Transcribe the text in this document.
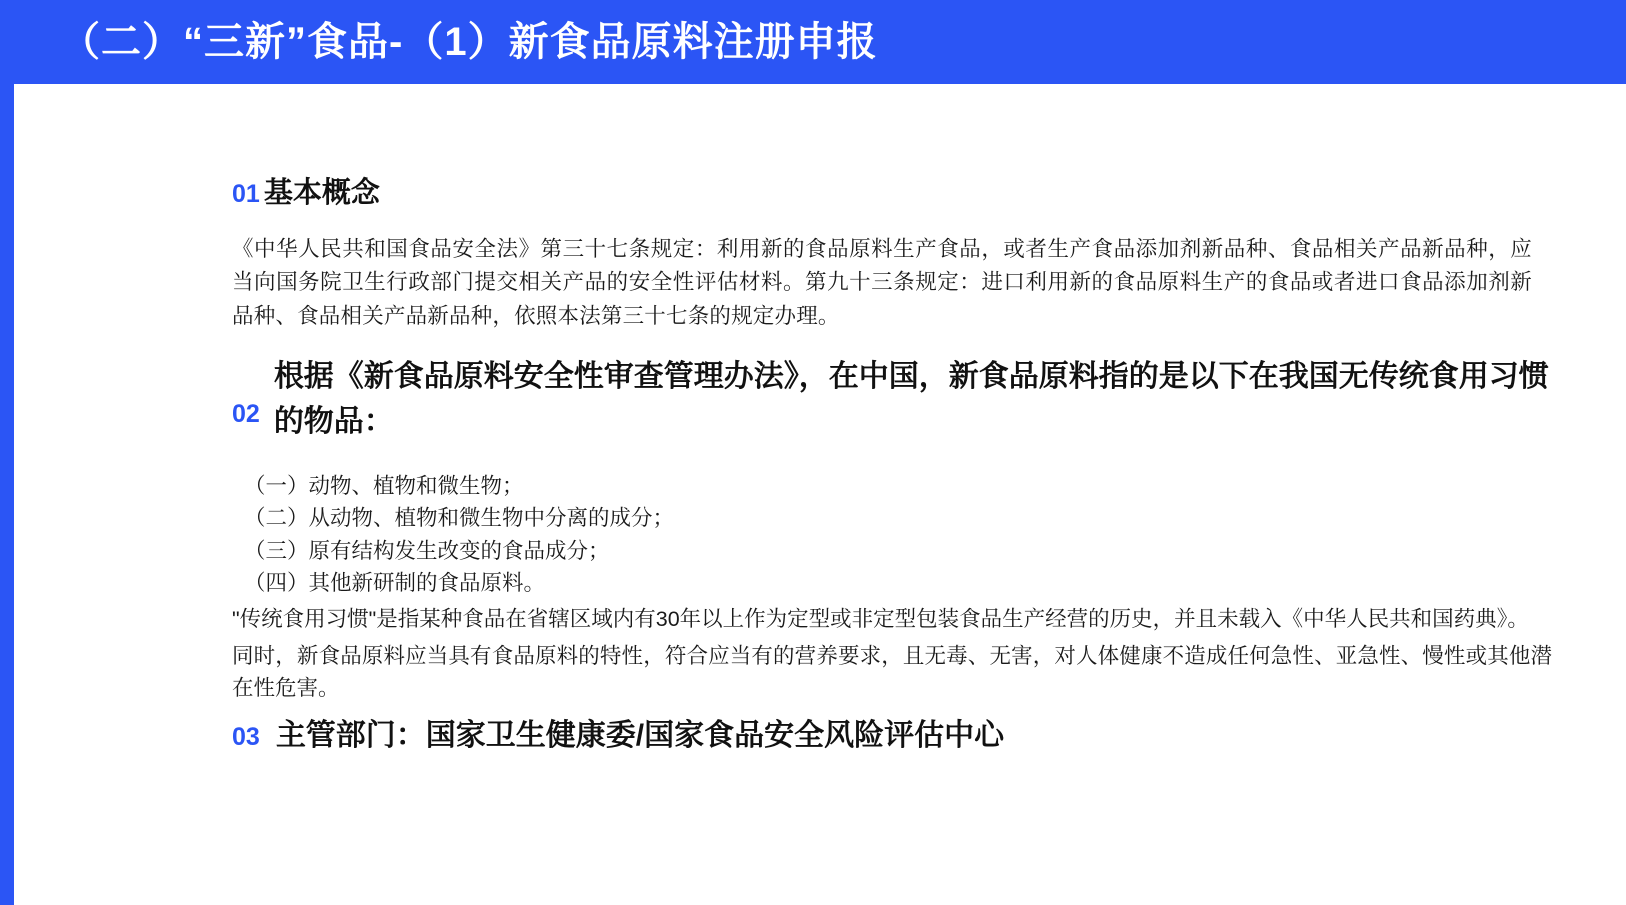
（二）“三新”食品-（1）新食品原料注册申报
01 基本概念
《中华人民共和国食品安全法》第三十七条规定：利用新的食品原料生产食品，或者生产食品添加剂新品种、食品相关产品新品种，应当向国务院卫生行政部门提交相关产品的安全性评估材料。第九十三条规定：进口利用新的食品原料生产的食品或者进口食品添加剂新品种、食品相关产品新品种，依照本法第三十七条的规定办理。
02
根据《新食品原料安全性审查管理办法》，在中国，新食品原料指的是以下在我国无传统食用习惯的物品：
（一）动物、植物和微生物；
（二）从动物、植物和微生物中分离的成分；
（三）原有结构发生改变的食品成分；
（四）其他新研制的食品原料。
"传统食用习惯"是指某种食品在省辖区域内有30年以上作为定型或非定型包装食品生产经营的历史，并且未载入《中华人民共和国药典》。
同时，新食品原料应当具有食品原料的特性，符合应当有的营养要求，且无毒、无害，对人体健康不造成任何急性、亚急性、慢性或其他潜在性危害。
03 主管部门：国家卫生健康委/国家食品安全风险评估中心
